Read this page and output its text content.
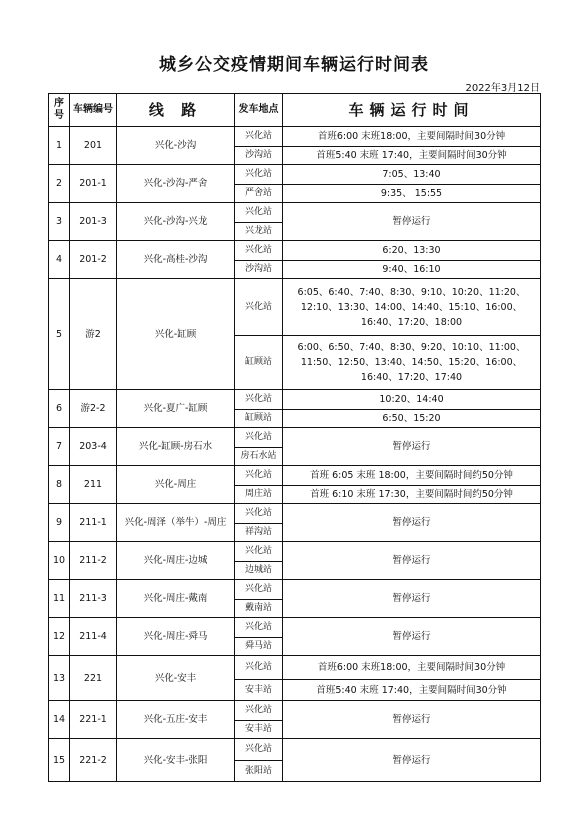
城乡公交疫情期间车辆运行时间表
2022年3月12日
序号	车辆编号	线 路	发车地点	车辆运行时间
1	201	兴化-沙沟	兴化站	首班6:00 末班18:00，主要间隔时间30分钟
			沙沟站	首班5:40 末班 17:40，主要间隔时间30分钟
2	201-1	兴化-沙沟-严舍	兴化站	7:05、13:40
			严舍站	9:35、 15:55
3	201-3	兴化-沙沟-兴龙	兴化站	暂停运行
			兴龙站	
4	201-2	兴化-高桂-沙沟	兴化站	6:20、13:30
			沙沟站	9:40、16:10
5	游2	兴化-缸顾	兴化站	6:05、6:40、7:40、8:30、9:10、10:20、11:20、12:10、13:30、14:00、14:40、15:10、16:00、16:40、17:20、18:00
			缸顾站	6:00、6:50、7:40、8:30、9:20、10:10、11:00、11:50、12:50、13:40、14:50、15:20、16:00、16:40、17:20、17:40
6	游2-2	兴化-夏广-缸顾	兴化站	10:20、14:40
			缸顾站	6:50、15:20
7	203-4	兴化-缸顾-房石水	兴化站	暂停运行
			房石水站	
8	211	兴化-周庄	兴化站	首班 6:05 末班 18:00，主要间隔时间约50分钟
			周庄站	首班 6:10 末班 17:30，主要间隔时间约50分钟
9	211-1	兴化-周泽（举牛）-周庄	兴化站	暂停运行
			祥沟站	
10	211-2	兴化-周庄-边城	兴化站	暂停运行
			边城站	
11	211-3	兴化-周庄-戴南	兴化站	暂停运行
			戴南站	
12	211-4	兴化-周庄-舜马	兴化站	暂停运行
			舜马站	
13	221	兴化-安丰	兴化站	首班6:00 末班18:00，主要间隔时间30分钟
			安丰站	首班5:40 末班 17:40，主要间隔时间30分钟
14	221-1	兴化-五庄-安丰	兴化站	暂停运行
			安丰站	
15	221-2	兴化-安丰-张阳	兴化站	暂停运行
			张阳站	
